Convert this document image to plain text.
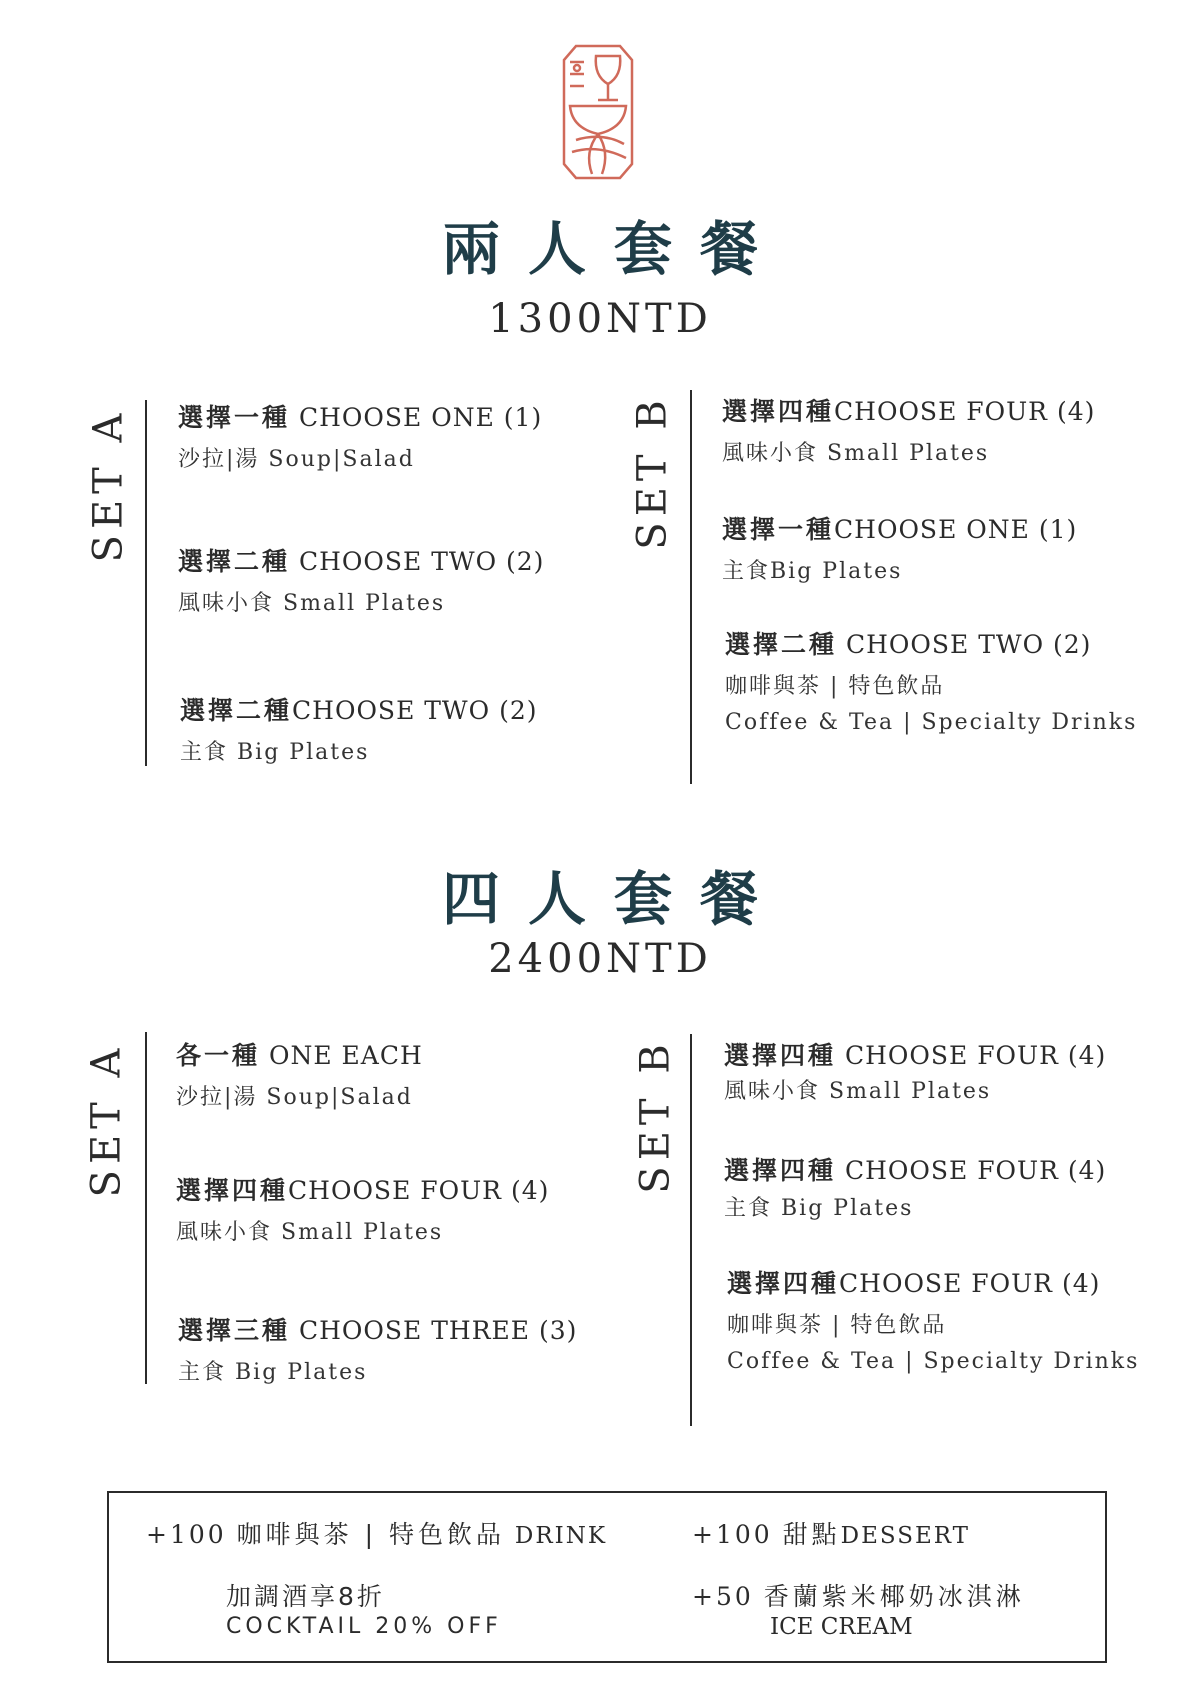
兩人套餐
1300NTD
SET A 選擇一種 CHOOSE ONE (1)
沙拉|湯 Soup|Salad
選擇二種 CHOOSE TWO (2)
風味小食 Small Plates
選擇二種CHOOSE TWO (2)
主食 Big Plates
SET B 選擇四種CHOOSE FOUR (4)
風味小食 Small Plates
選擇一種CHOOSE ONE (1)
主食Big Plates
選擇二種 CHOOSE TWO (2)
咖啡與茶 | 特色飲品
Coffee & Tea | Specialty Drinks
四人套餐
2400NTD
SET A 各一種 ONE EACH
沙拉|湯 Soup|Salad
選擇四種CHOOSE FOUR (4)
風味小食 Small Plates
選擇三種 CHOOSE THREE (3)
主食 Big Plates
SET B 選擇四種 CHOOSE FOUR (4)
風味小食 Small Plates
選擇四種 CHOOSE FOUR (4)
主食 Big Plates
選擇四種CHOOSE FOUR (4)
咖啡與茶 | 特色飲品
Coffee & Tea | Specialty Drinks
+100 咖啡與茶 | 特色飲品 DRINK
加調酒享8折
COCKTAIL 20% OFF
+100 甜點DESSERT
+50 香蘭紫米椰奶冰淇淋
ICE CREAM
